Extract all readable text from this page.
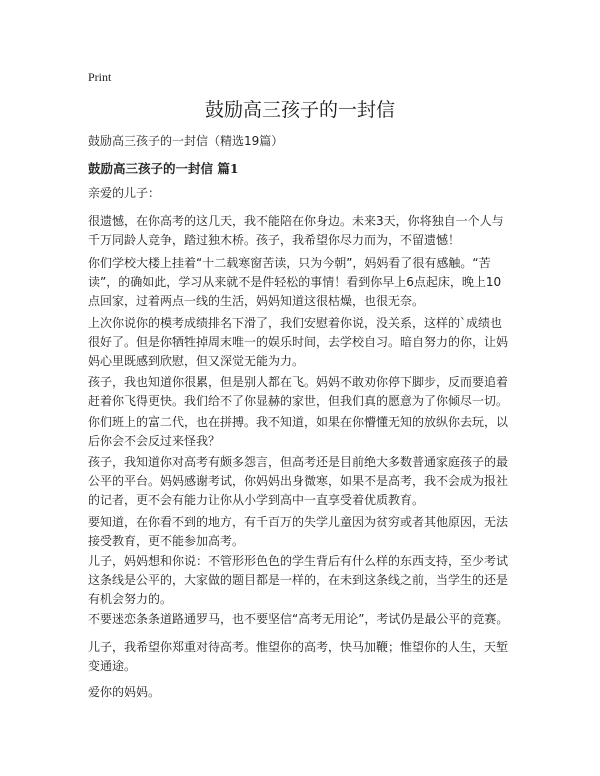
Print
鼓励高三孩子的一封信

鼓励高三孩子的一封信（精选19篇）

鼓励高三孩子的一封信 篇1

亲爱的儿子：

很遗憾，在你高考的这几天，我不能陪在你身边。未来3天，你将独自一个人与千万同龄人竞争，踏过独木桥。孩子，我希望你尽力而为，不留遗憾！

你们学校大楼上挂着“十二载寒窗苦读，只为今朝”，妈妈看了很有感触。“苦读”，的确如此，学习从来就不是件轻松的事情！看到你早上6点起床，晚上10点回家，过着两点一线的生活，妈妈知道这很枯燥，也很无奈。

上次你说你的模考成绩排名下滑了，我们安慰着你说，没关系，这样的`成绩也很好了。但是你牺牲掉周末唯一的娱乐时间，去学校自习。暗自努力的你，让妈妈心里既感到欣慰，但又深觉无能为力。

孩子，我也知道你很累，但是别人都在飞。妈妈不敢劝你停下脚步，反而要追着赶着你飞得更快。我们给不了你显赫的家世，但我们真的愿意为了你倾尽一切。

你们班上的富二代，也在拼搏。我不知道，如果在你懵懂无知的放纵你去玩，以后你会不会反过来怪我？

孩子，我知道你对高考有颇多怨言，但高考还是目前绝大多数普通家庭孩子的最公平的平台。妈妈感谢考试，你妈妈出身微寒，如果不是高考，我不会成为报社的记者，更不会有能力让你从小学到高中一直享受着优质教育。

要知道，在你看不到的地方，有千百万的失学儿童因为贫穷或者其他原因，无法接受教育，更不能参加高考。

儿子，妈妈想和你说：不管形形色色的学生背后有什么样的东西支持，至少考试这条线是公平的，大家做的题目都是一样的，在未到这条线之前，当学生的还是有机会努力的。

不要迷恋条条道路通罗马，也不要坚信“高考无用论”，考试仍是最公平的竞赛。

儿子，我希望你郑重对待高考。惟望你的高考，快马加鞭；惟望你的人生，天堑变通途。

爱你的妈妈。
